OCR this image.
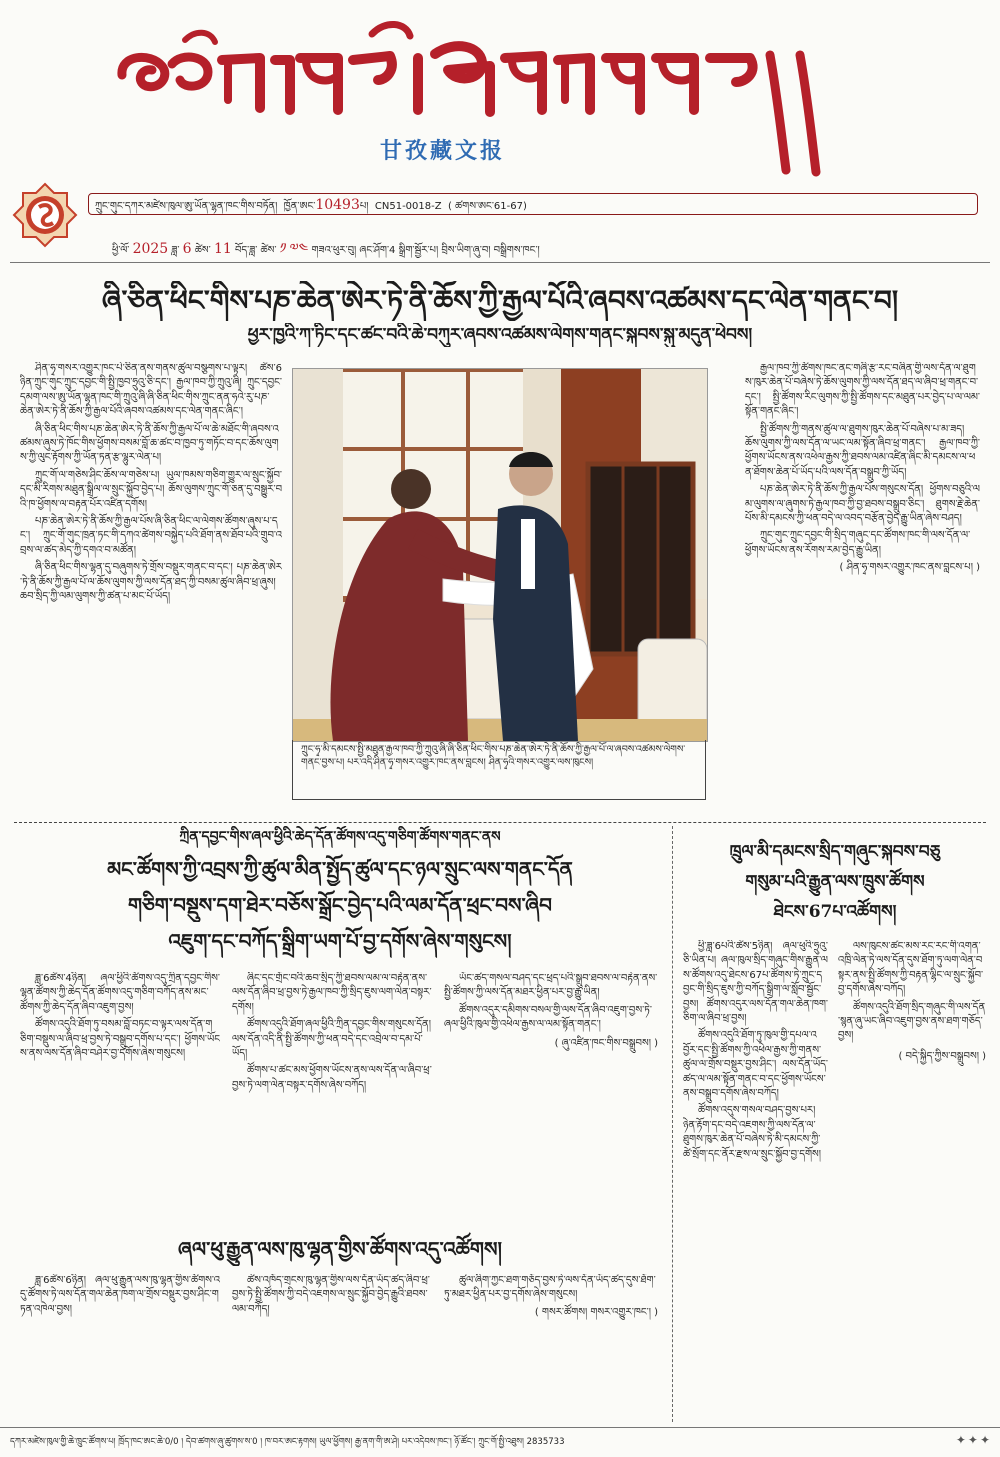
甘孜藏文报
ཀྲུང་གུང་དཀར་མཛེས་ཁུལ་ཨུ་ཡོན་ལྷན་ཁང་གིས་བཏོན། ཁྱོན་ཨང་10493པ། CN51-0018-Z ( ཚགས་ཨང་61-67)
ཕྱི་ལོ་ 2025 ཟླ་ 6 ཚེས་ 11 བོད་ཟླ་ ཚེས་ ༡ ༧༤ གཟའ་ཕུར་བུ། ཞང་ཤོག་4 སྒྲིག་སྦྱོར་པ། བྲིས་ཡིག་ཞུ་བ། བསྒྲིགས་ཁང་།
ཞི་ཅིན་ཕིང་གིས་པཎ་ཆེན་ཨེར་ཏེ་ནི་ཆོས་ཀྱི་རྒྱལ་པོའི་ཞབས་འཚམས་དང་ལེན་གནང་བ།
ཕྱར་ཁྱའི་ཀ་ཏིང་དང་ཚང་བའི་ཆེ་བཀུར་ཞབས་འཚམས་ལེགས་གནང་སྐབས་སྐུ་མདུན་ཕེབས།

ཤིན་ཧྭ་གསར་འགྱུར་ཁང་པེ་ཅིན་ནས་གནས་ཚུལ་བསྩགས་པ་ལྟར། ཚེས་6ཉིན་ཀྲུང་གུང་ཀྲུང་དབྱང་གི་སྤྱི་ཁྱབ་ཧྲུའུ་ཅི་དང་། རྒྱལ་ཁབ་ཀྱི་ཀྲུའུ་ཞི། ཀྲུང་དབྱང་དམག་ལས་ཨུ་ཡོན་ལྷན་ཁང་གི་ཀྲུའུ་ཞི་ཞི་ཅིན་ཕིང་གིས་ཀྲུང་ནན་ཧའེ་རུ་པཎ་ཆེན་ཨེར་ཏེ་ནི་ཆོས་ཀྱི་རྒྱལ་པོའི་ཞབས་འཚམས་དང་ལེན་གནང་ཞིང་།

ཞི་ཅིན་ཕིང་གིས་པཎ་ཆེན་ཨེར་ཏེ་ནི་ཆོས་ཀྱི་རྒྱལ་པོ་ལ་ཆེ་མཐོང་གི་ཞབས་འཚམས་ཞུས་ཏེ་ཁོང་གིས་ཕྱོགས་བསམ་བློ་ཆ་ཚང་བ་ཁྱབ་ཏུ་གཏོང་བ་དང་ཆོས་ལུགས་ཀྱི་ལུང་རྟོགས་ཀྱི་ཡོན་ཏན་རྩ་ལྷུར་ལེན་པ།

ཀྲུང་གོ་ལ་གཅེས་ཤིང་ཆོས་ལ་གཅེས་པ། ཡུལ་ཁམས་གཅིག་གྱུར་ལ་སྲུང་སྐྱོབ་དང་མི་རིགས་མཐུན་སྒྲིལ་ལ་སྲུང་སྐྱོབ་བྱེད་པ། ཆོས་ལུགས་ཀྲུང་གོ་ཅན་དུ་བསྒྱུར་བའི་ཁ་ཕྱོགས་ལ་བརྟན་པོར་འཛིན་དགོས།

པཎ་ཆེན་ཨེར་ཏེ་ནི་ཆོས་ཀྱི་རྒྱལ་པོས་ཞི་ཅིན་ཕིང་ལ་ལེགས་ཚོགས་ཞུས་པ་དང་། ཀྲུང་གོ་གུང་ཁྲན་ཏང་གི་དཀའ་ཚེགས་བསྐྱེད་པའི་ཐོག་ནས་ཐོབ་པའི་གྲུབ་འབྲས་ལ་ཚད་མེད་ཀྱི་དགའ་བ་མཚོན།

ཞི་ཅིན་ཕིང་གིས་ལྷན་དུ་བཞུགས་ཏེ་གྲོས་བསྡུར་གནང་བ་དང་། པཎ་ཆེན་ཨེར་ཏེ་ནི་ཆོས་ཀྱི་རྒྱལ་པོ་ལ་ཆོས་ལུགས་ཀྱི་ལས་དོན་ཐད་ཀྱི་བསམ་ཚུལ་ཞིབ་ཕྲ་ཞུས། ཆབ་སྲིད་ཀྱི་ལམ་ལུགས་ཀྱི་ཚན་པ་མང་པོ་ཡོད།

ཀྲུང་ཧྭ་མི་དམངས་སྤྱི་མཐུན་རྒྱལ་ཁབ་ཀྱི་ཀྲུའུ་ཞི་ཞི་ཅིན་ཕིང་གིས་པཎ་ཆེན་ཨེར་ཏེ་ནི་ཆོས་ཀྱི་རྒྱལ་པོ་ལ་ཞབས་འཚམས་ལེགས་གནང་བྱས་པ། པར་འདི་ཤིན་ཧྭ་གསར་འགྱུར་ཁང་ནས་བླངས། ཤིན་ཧྭའི་གསར་འགྱུར་ལས་ཁུངས།

རྒྱལ་ཁབ་ཀྱི་ཚོགས་ཁང་ནང་གཞི་རྩ་རང་བཞིན་གྱི་ལས་དོན་ལ་ཐུགས་ཁུར་ཆེན་པོ་བཞེས་ཏེ་ཆོས་ལུགས་ཀྱི་ལས་དོན་ཐད་ལ་ཞིབ་ཕྲ་གནང་བ་དང་། སྤྱི་ཚོགས་རིང་ལུགས་ཀྱི་སྤྱི་ཚོགས་དང་མཐུན་པར་བྱེད་པ་ལ་ལམ་སྟོན་གནང་ཞིང་།

སྤྱི་ཚོགས་ཀྱི་གནས་ཚུལ་ལ་ཐུགས་ཁུར་ཆེན་པོ་བཞེས་པ་མ་ཟད། ཆོས་ལུགས་ཀྱི་ལས་དོན་ལ་ཡང་ལམ་སྟོན་ཞིབ་ཕྲ་གནང་། རྒྱལ་ཁབ་ཀྱི་ཕྱོགས་ཡོངས་ནས་འཕེལ་རྒྱས་ཀྱི་ཐབས་ལམ་འཛིན་ཞིང་མི་དམངས་ལ་ཕན་ཐོགས་ཆེན་པོ་ཡོད་པའི་ལས་དོན་བསྒྲུབ་ཀྱི་ཡོད།

པཎ་ཆེན་ཨེར་ཏེ་ནི་ཆོས་ཀྱི་རྒྱལ་པོས་གསུངས་དོན། ཕྱོགས་བཅུའི་ལམ་ལུགས་ལ་ཞུགས་ཏེ་རྒྱལ་ཁབ་ཀྱི་བྱ་ཐབས་བསྒྲུབ་ཅིང་། ཐུགས་རྗེ་ཆེན་པོས་མི་དམངས་ཀྱི་ཕན་བདེ་ལ་འབད་བརྩོན་བྱེད་རྒྱུ་ཡིན་ཞེས་བཤད།

ཀྲུང་གུང་ཀྲུང་དབྱང་གི་སྲིད་གཞུང་དང་ཚོགས་ཁང་གི་ལས་དོན་ལ་ཕྱོགས་ཡོངས་ནས་རོགས་རམ་བྱེད་རྒྱུ་ཡིན།

( ཤིན་ཧྭ་གསར་འགྱུར་ཁང་ནས་བླངས་པ། )
ཀྲིན་དབྱང་གིས་ཞལ་ཕྱིའི་ཆེད་དོན་ཚོགས་འདུ་གཅིག་ཚོགས་གནང་ནས
མང་ཚོགས་ཀྱི་འབྲས་ཀྱི་ཚུལ་མིན་སྤྱོད་ཚུལ་དང་ཉལ་སྲུང་ལས་གནང་དོན
གཅིག་བསྡུས་དག་ཐེར་བཅོས་སྒྲོང་བྱེད་པའི་ལམ་དོན་ཕྲང་བས་ཞིབ
འཇུག་དང་བཀོད་སྒྲིག་ཡག་པོ་བྱ་དགོས་ཞེས་གསུངས།

ཟླ་6ཚེས་4ཉིན། ཞལ་ཕྱིའི་ཚོགས་འདུ་ཀྲིན་དབྱང་གིས་ལྷན་ཚོགས་ཀྱི་ཆེད་དོན་ཚོགས་འདུ་གཅིག་བཀོད་ནས་མང་ཚོགས་ཀྱི་ཆེད་དོན་ཞིབ་འཇུག་བྱས།

ཚོགས་འདུའི་ཐོག་ཏུ་བསམ་བློ་བཏང་བ་ལྟར་ལས་དོན་གཅིག་བསྡུས་ལ་ཞིབ་ཕྲ་བྱས་ཏེ་བསྒྲུབ་དགོས་པ་དང་། ཕྱོགས་ཡོངས་ནས་ལས་དོན་ཞིབ་བཤེར་བྱ་དགོས་ཞེས་གསུངས།

ཞིང་དང་གྲོང་བའི་ཆབ་སྲིད་ཀྱི་ཐབས་ལམ་ལ་བརྟེན་ནས་ལས་དོན་ཞིབ་ཕྲ་བྱས་ཏེ་རྒྱལ་ཁབ་ཀྱི་སྲིད་ཇུས་ལག་ལེན་བསྟར་དགོས།

ཚོགས་འདུའི་ཐོག་ཞལ་ཕྱིའི་ཀྲིན་དབྱང་གིས་གསུངས་དོན། ལས་དོན་འདི་ནི་སྤྱི་ཚོགས་ཀྱི་ཕན་བདེ་དང་འབྲེལ་བ་དམ་པོ་ཡོད།

ཚོགས་པ་ཚང་མས་ཕྱོགས་ཡོངས་ནས་ལས་དོན་ལ་ཞིབ་ཕྲ་བྱས་ཏེ་ལག་ལེན་བསྟར་དགོས་ཞེས་བཀོད།

ཡོང་ཚད་གསལ་བཤད་དང་ཕྲད་པའི་སྒྲུབ་ཐབས་ལ་བརྟེན་ནས་སྤྱི་ཚོགས་ཀྱི་ལས་དོན་མཐར་ཕྱིན་པར་བྱ་རྒྱུ་ཡིན།

ཚོགས་འདུར་དམིགས་བསལ་གྱི་ལས་དོན་ཞིབ་འཇུག་བྱས་ཏེ་ཞལ་ཕྱིའི་ཁུལ་གྱི་འཕེལ་རྒྱས་ལ་ལམ་སྟོན་གནང་།

( ཞུ་འཛིན་ཁང་གིས་བསྒྲུབས། )
ཞལ་ཕུ་རྒྱུན་ལས་ཁུ་ལྷན་གྱིས་ཚོགས་འདུ་འཚོགས།

ཟླ་6ཚེས་6ཉིན། ཞལ་ཕུ་རྒྱུན་ལས་ཁུ་ལྷན་གྱིས་ཚོགས་འདུ་ཚོགས་ཏེ་ལས་དོན་གལ་ཆེན་ཁག་ལ་གྲོས་བསྡུར་བྱས་ཤིང་གཏན་འཁེལ་བྱས།

ཚེས་འཁོད་གྲངས་ཁུ་ལྷན་གྱིས་ལས་དོན་ཡོད་ཚད་ཞིབ་ཕྲ་བྱས་ཏེ་སྤྱི་ཚོགས་ཀྱི་བདེ་འཇགས་ལ་སྲུང་སྐྱོབ་བྱེད་རྒྱུའི་ཐབས་ལམ་བཀོད།

ཚུལ་ཞིག་ཀྱང་ཐག་གཅོད་བྱས་ཏེ་ལས་དོན་ཡོད་ཚད་དུས་ཐོག་ཏུ་མཐར་ཕྱིན་པར་བྱ་དགོས་ཞེས་གསུངས།

( གསར་ཚོགས། གསར་འགྱུར་ཁང་། )
ཁྲུལ་མི་དམངས་སྲིད་གཞུང་སྐབས་བཅུ
གསུམ་པའི་རྒྱུན་ལས་ཁྲུས་ཚོགས
ཐེངས་67པ་འཚོགས།

ཕྱི་ཟླ་6པའི་ཚེས་5ཉིན། ཞལ་ཕུའི་ཧྲུའུ་ཅི་ཡིན་པ། ཞལ་ཁུལ་སྲིད་གཞུང་གིས་རྒྱུན་ལས་ཚོགས་འདུ་ཐེངས་67པ་ཚོགས་ཏེ་ཀྲུང་དབྱང་གི་སྲིད་ཇུས་ཀྱི་བཀོད་སྒྲིག་ལ་སློབ་སྦྱོང་བྱས། ཚོགས་འདུར་ལས་དོན་གལ་ཆེན་ཁག་ཅིག་ལ་ཞིབ་ཕྲ་བྱས།

ཚོགས་འདུའི་ཐོག་ཏུ་ཁུལ་གྱི་དཔལ་འབྱོར་དང་སྤྱི་ཚོགས་ཀྱི་འཕེལ་རྒྱས་ཀྱི་གནས་ཚུལ་ལ་གྲོས་བསྡུར་བྱས་ཤིང་། ལས་དོན་ཡོད་ཚད་ལ་ལམ་སྟོན་གནང་བ་དང་ཕྱོགས་ཡོངས་ནས་བསྒྲུབ་དགོས་ཞེས་བཀོད།

ཚོགས་འདུས་གསལ་བཤད་བྱས་པར། ཉེན་རྟོག་དང་བདེ་འཇགས་ཀྱི་ལས་དོན་ལ་ཐུགས་ཁུར་ཆེན་པོ་བཞེས་ཏེ་མི་དམངས་ཀྱི་ཚེ་སྲོག་དང་ནོར་རྫས་ལ་སྲུང་སྐྱོབ་བྱ་དགོས།

ལས་ཁུངས་ཚང་མས་རང་རང་གི་འགན་འཁྲི་ལེན་ཏེ་ལས་དོན་དུས་ཐོག་ཏུ་ལག་ལེན་བསྟར་ནས་སྤྱི་ཚོགས་ཀྱི་བརྟན་ལྷིང་ལ་སྲུང་སྐྱོབ་བྱ་དགོས་ཞེས་བཀོད།

ཚོགས་འདུའི་ཐོག་སྲིད་གཞུང་གི་ལས་དོན་སྙན་ཞུ་ཡང་ཞིབ་འཇུག་བྱས་ནས་ཐག་གཅོད་བྱས།

( བདེ་སྐྱིད་ཀྱིས་བསྒྲུབས། )
དཀར་མཛེས་ཁུལ་གྱི་ཆེ་ཁྲུང་ཚོགས་པ། ཁྲོད་ཁང་ཨང་ཆེ་0/0 ། དེབ་ཚགས་ཞུ་ཚུགས་ས་0 ། ཁ་བར་ཨང་རྟགས། ཡུལ་ཕྱོགས། རྒྱ་ནག་གི་ཨ་ཤེ། པར་འདེབས་ཁང་། ཉོ་ཚོང་། ཀྲུང་གོ་སྤྱི་འཐུས། 2835733	✦✦✦
